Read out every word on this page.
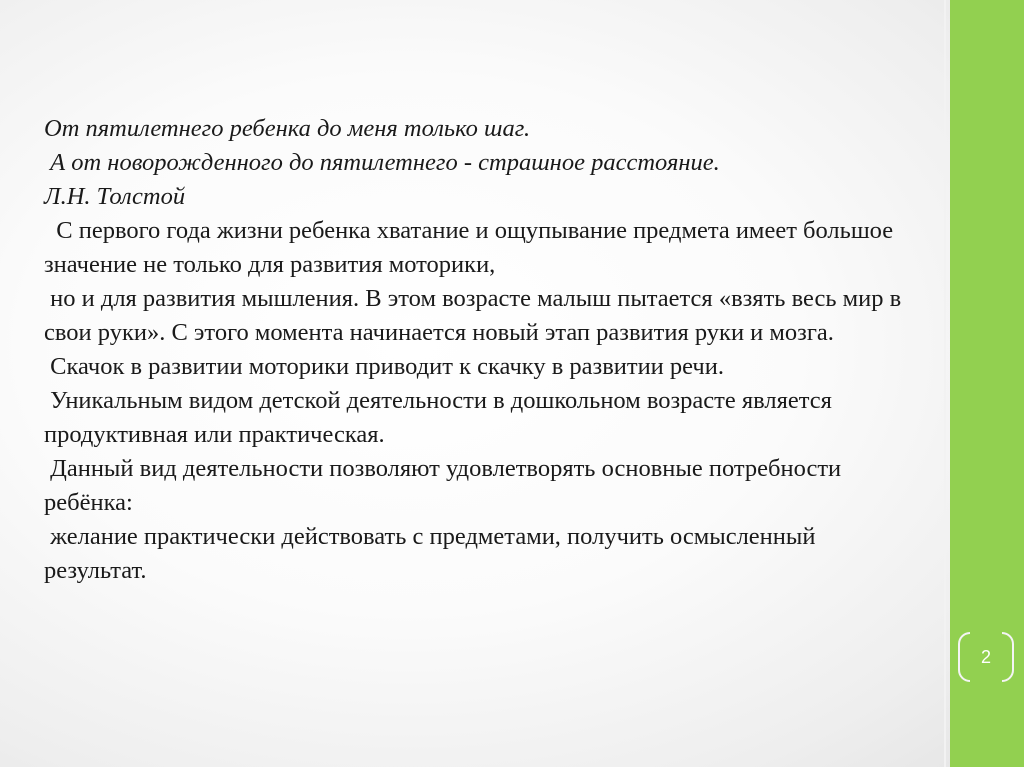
От пятилетнего ребенка до меня только шаг.
А от новорожденного до пятилетнего - страшное расстояние.
Л.Н. Толстой
С первого года жизни ребенка хватание и ощупывание предмета имеет большое
значение не только для развития моторики,
но и для развития мышления. В этом возрасте малыш пытается «взять весь мир в
свои руки». С этого момента начинается новый этап развития руки и мозга.
Скачок в развитии моторики приводит к скачку в развитии речи.
Уникальным видом детской деятельности в дошкольном возрасте является
продуктивная или практическая.
Данный вид деятельности позволяют удовлетворять основные потребности
ребёнка:
желание практически действовать с предметами, получить осмысленный
результат.
2
